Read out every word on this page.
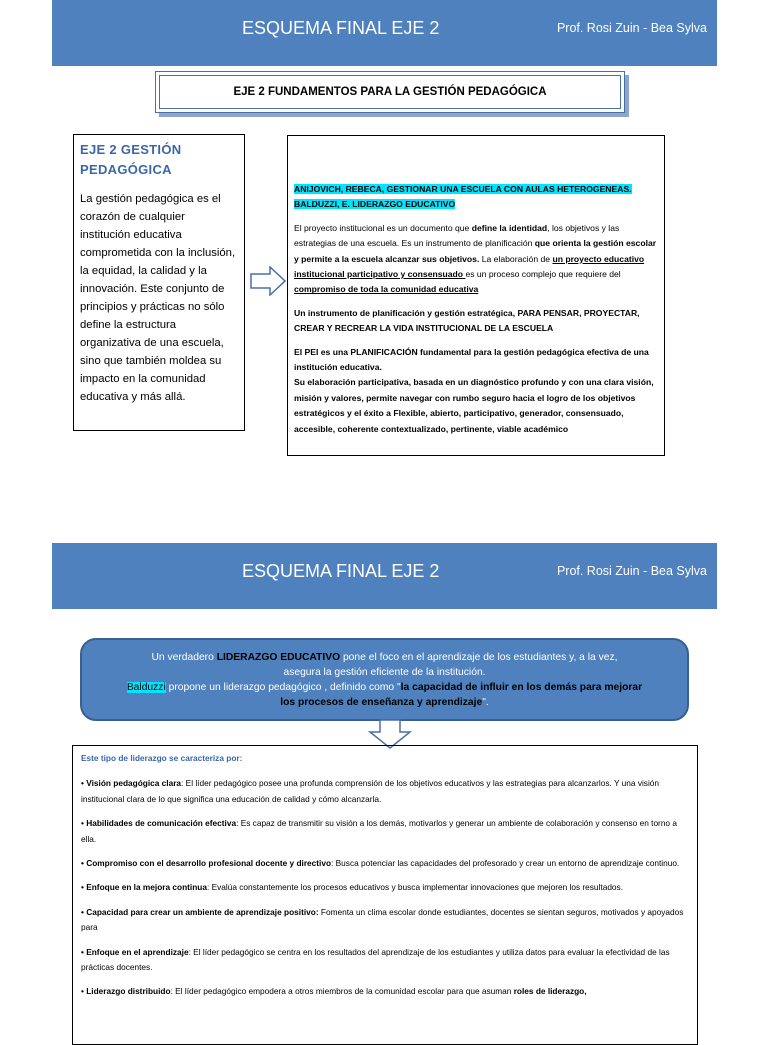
ESQUEMA FINAL EJE 2	Prof. Rosi Zuin - Bea Sylva
EJE 2 FUNDAMENTOS PARA LA GESTIÓN PEDAGÓGICA
EJE 2 GESTIÓN PEDAGÓGICA

La gestión pedagógica es el corazón de cualquier institución educativa comprometida con la inclusión, la equidad, la calidad y la innovación. Este conjunto de principios y prácticas no sólo define la estructura organizativa de una escuela, sino que también moldea su impacto en la comunidad educativa y más allá.

ANIJOVICH, REBECA, GESTIONAR UNA ESCUELA CON AULAS HETEROGENEAS.
BALDUZZI, E. LIDERAZGO EDUCATIVO

El proyecto institucional es un documento que define la identidad, los objetivos y las estrategias de una escuela. Es un instrumento de planificación que orienta la gestión escolar y permite a la escuela alcanzar sus objetivos. La elaboración de un proyecto educativo institucional participativo y consensuado es un proceso complejo que requiere del compromiso de toda la comunidad educativa

Un instrumento de planificación y gestión estratégica, PARA PENSAR, PROYECTAR, CREAR Y RECREAR LA VIDA INSTITUCIONAL DE LA ESCUELA

El PEI es una PLANIFICACIÓN fundamental para la gestión pedagógica efectiva de una institución educativa.
Su elaboración participativa, basada en un diagnóstico profundo y con una clara visión, misión y valores, permite navegar con rumbo seguro hacia el logro de los objetivos estratégicos y el éxito a Flexible, abierto, participativo, generador, consensuado, accesible, coherente contextualizado, pertinente, viable académico

ESQUEMA FINAL EJE 2	Prof. Rosi Zuin - Bea Sylva
Un verdadero LIDERAZGO EDUCATIVO pone el foco en el aprendizaje de los estudiantes y, a la vez,
asegura la gestión eficiente de la institución.
Balduzzi propone un liderazgo pedagógico , definido como "la capacidad de influir en los demás para mejorar
los procesos de enseñanza y aprendizaje".
Este tipo de liderazgo se caracteriza por:
• Visión pedagógica clara: El líder pedagógico posee una profunda comprensión de los objetivos educativos y las estrategias para alcanzarlos. Y una visión institucional clara de lo que significa una educación de calidad y cómo alcanzarla.
• Habilidades de comunicación efectiva: Es capaz de transmitir su visión a los demás, motivarlos y generar un ambiente de colaboración y consenso en torno a ella.
• Compromiso con el desarrollo profesional docente y directivo: Busca potenciar las capacidades del profesorado y crear un entorno de aprendizaje continuo.
• Enfoque en la mejora continua: Evalúa constantemente los procesos educativos y busca implementar innovaciones que mejoren los resultados.
• Capacidad para crear un ambiente de aprendizaje positivo: Fomenta un clima escolar donde estudiantes, docentes se sientan seguros, motivados y apoyados para
• Enfoque en el aprendizaje: El líder pedagógico se centra en los resultados del aprendizaje de los estudiantes y utiliza datos para evaluar la efectividad de las prácticas docentes.
• Liderazgo distribuido: El líder pedagógico empodera a otros miembros de la comunidad escolar para que asuman roles de liderazgo,
